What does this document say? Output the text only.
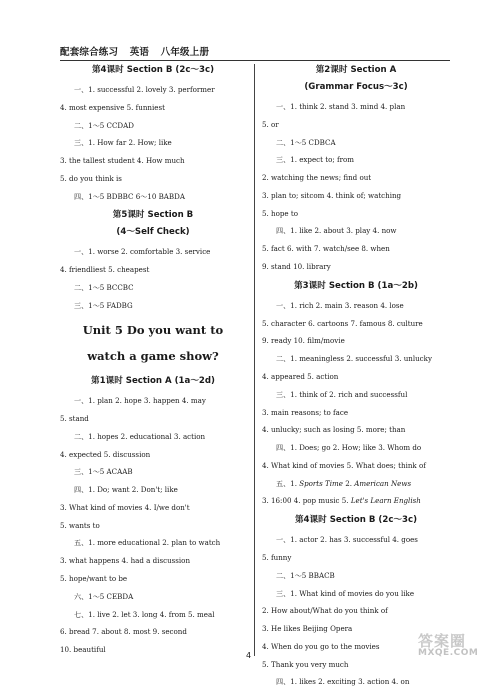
配套综合练习 英语 八年级上册
第4课时 Section B (2c～3c)
一、1. successful 2. lovely 3. performer
4. most expensive 5. funniest
二、1～5 CCDAD
三、1. How far 2. How; like
3. the tallest student 4. How much
5. do you think is
四、1～5 BDBBC 6～10 BABDA
第5课时 Section B
(4～Self Check)
一、1. worse 2. comfortable 3. service
4. friendliest 5. cheapest
二、1～5 BCCBC
三、1～5 FADBG
Unit 5 Do you want to
watch a game show?
第1课时 Section A (1a～2d)
一、1. plan 2. hope 3. happen 4. may
5. stand
二、1. hopes 2. educational 3. action
4. expected 5. discussion
三、1～5 ACAAB
四、1. Do; want 2. Don't; like
3. What kind of movies 4. I/we don't
5. wants to
五、1. more educational 2. plan to watch
3. what happens 4. had a discussion
5. hope/want to be
六、1～5 CEBDA
七、1. live 2. let 3. long 4. from 5. meal
6. bread 7. about 8. most 9. second
10. beautiful
第2课时 Section A
(Grammar Focus～3c)
一、1. think 2. stand 3. mind 4. plan
5. or
二、1～5 CDBCA
三、1. expect to; from
2. watching the news; find out
3. plan to; sitcom 4. think of; watching
5. hope to
四、1. like 2. about 3. play 4. now
5. fact 6. with 7. watch/see 8. when
9. stand 10. library
第3课时 Section B (1a～2b)
一、1. rich 2. main 3. reason 4. lose
5. character 6. cartoons 7. famous 8. culture
9. ready 10. film/movie
二、1. meaningless 2. successful 3. unlucky
4. appeared 5. action
三、1. think of 2. rich and successful
3. main reasons; to face
4. unlucky; such as losing 5. more; than
四、1. Does; go 2. How; like 3. Whom do
4. What kind of movies 5. What does; think of
五、1. Sports Time 2. American News
3. 16:00 4. pop music 5. Let's Learn English
第4课时 Section B (2c～3c)
一、1. actor 2. has 3. successful 4. goes
5. funny
二、1～5 BBACB
三、1. What kind of movies do you like
2. How about/What do you think of
3. He likes Beijing Opera
4. When do you go to the movies
5. Thank you very much
四、1. likes 2. exciting 3. action 4. on
4
答案圈
MXQE.COM
